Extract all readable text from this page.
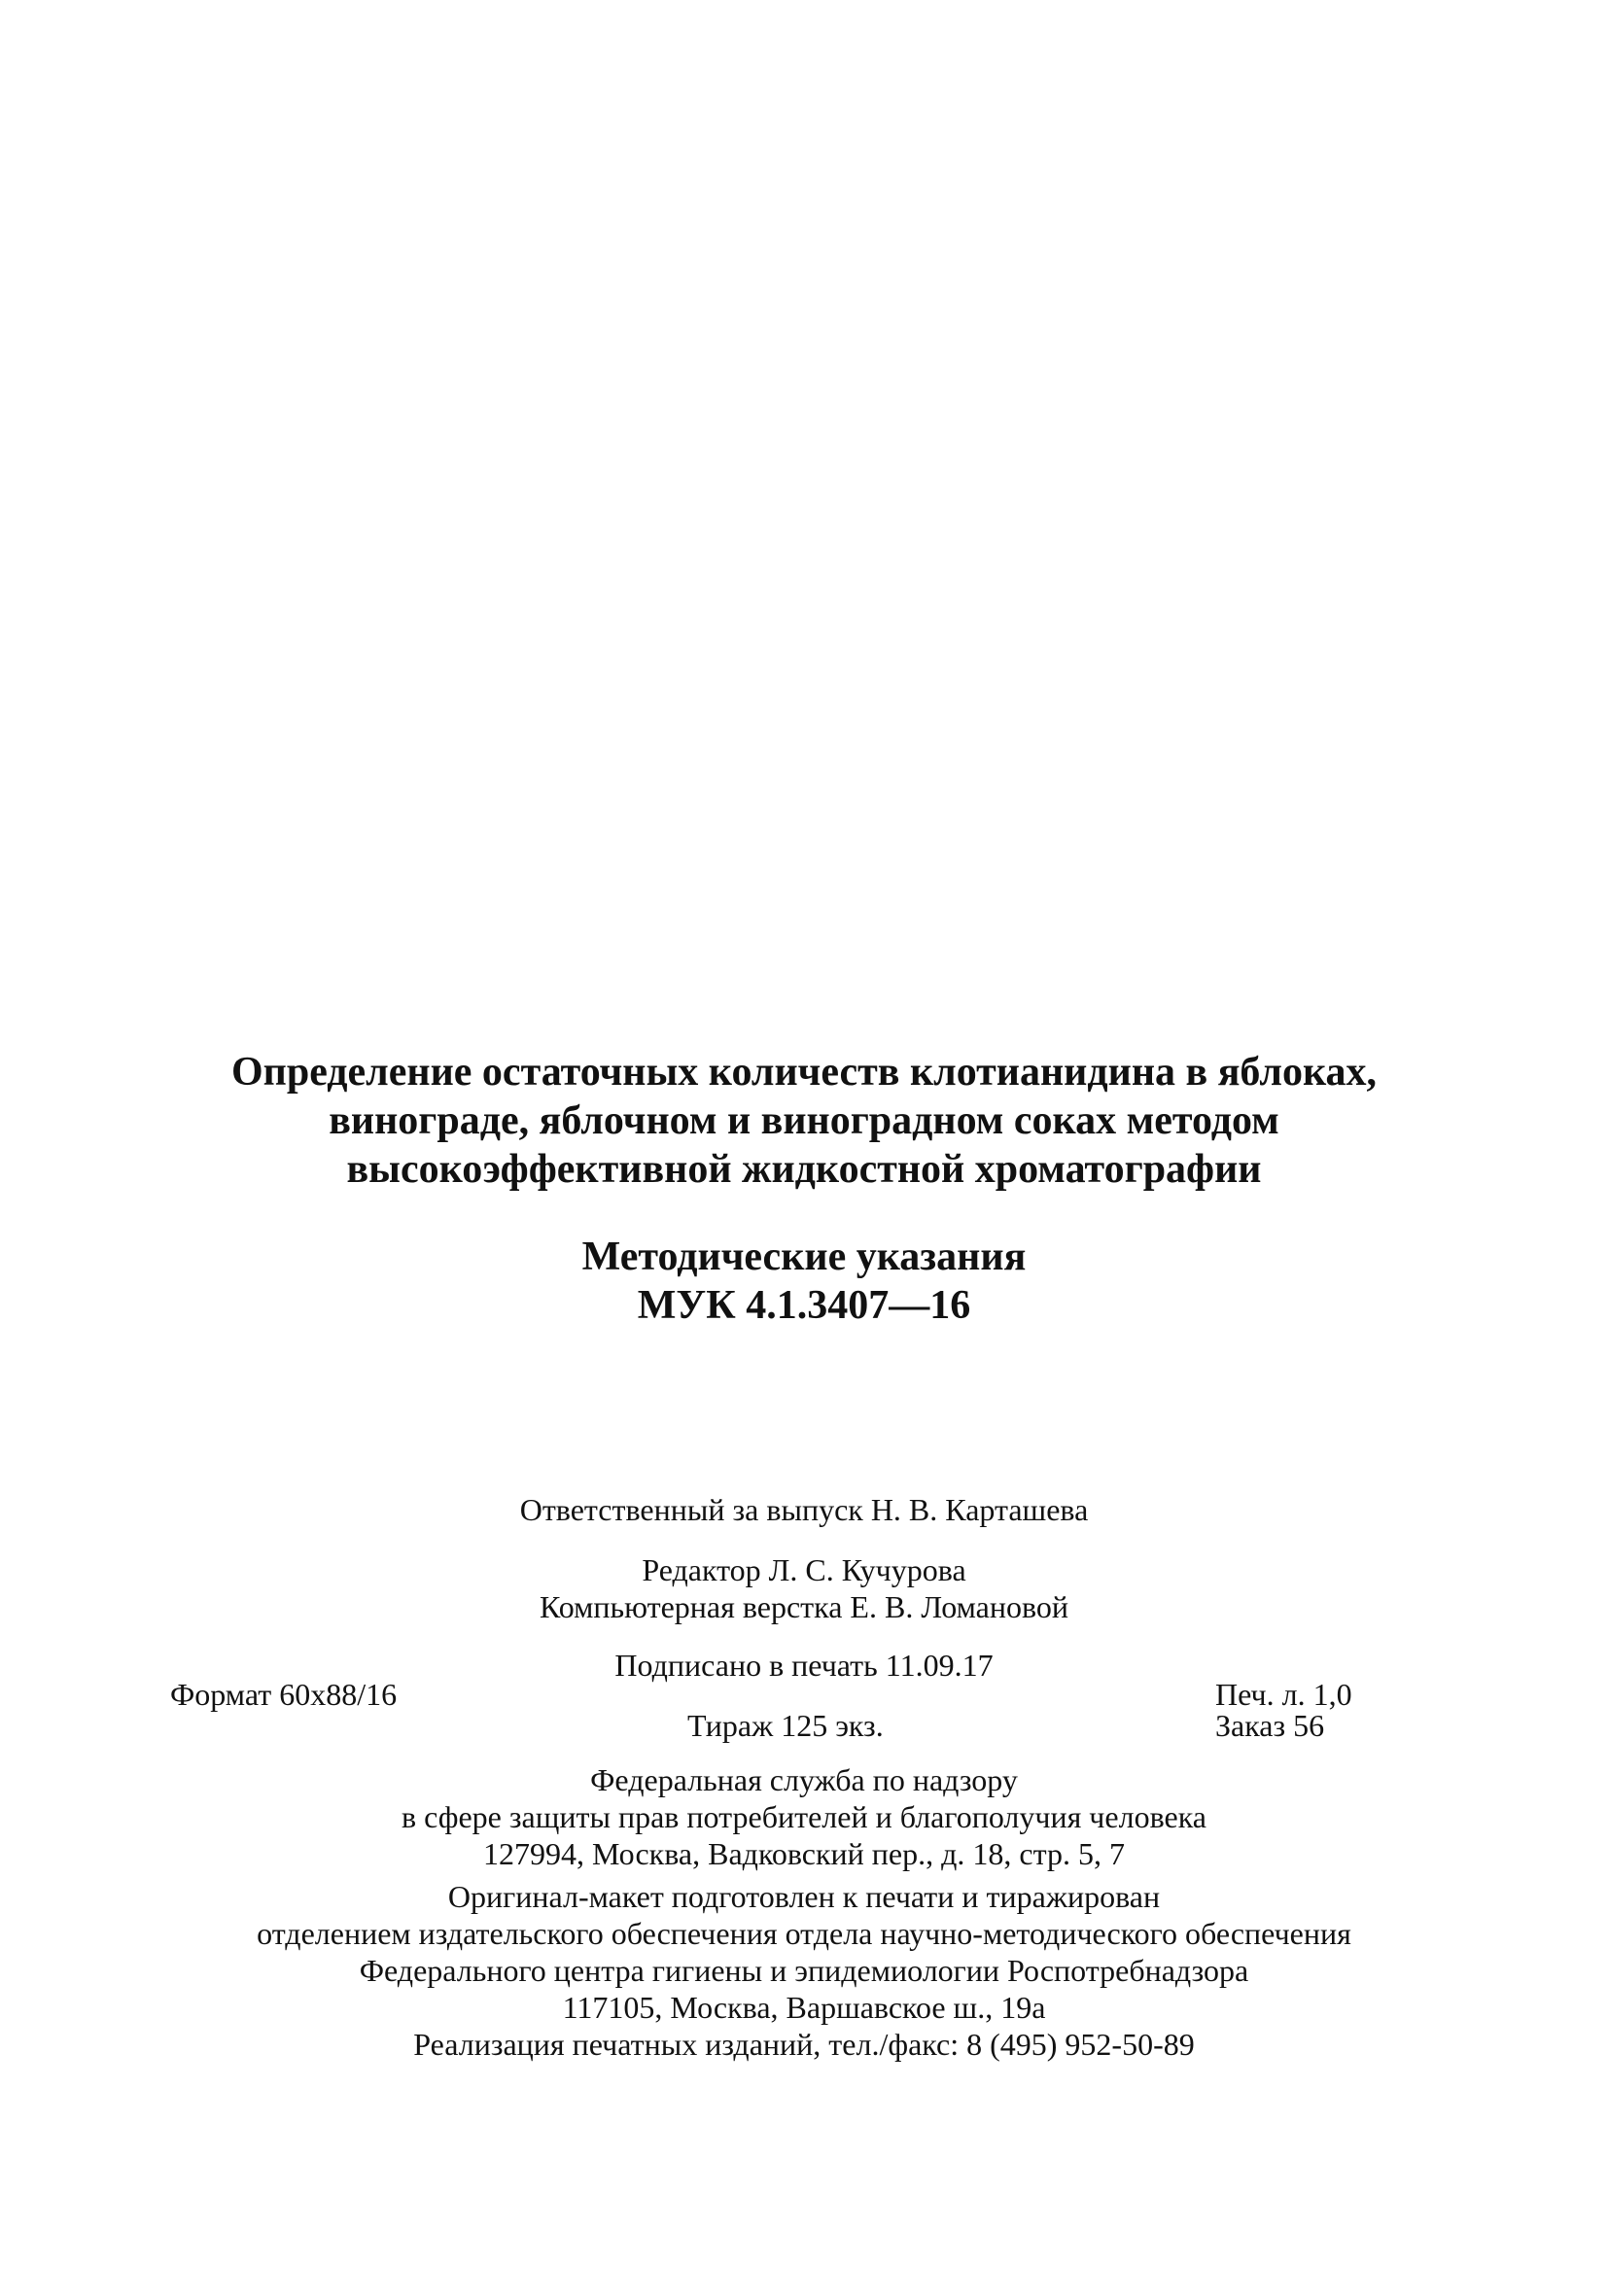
Определение остаточных количеств клотианидина в яблоках,
винограде, яблочном и виноградном соках методом
высокоэффективной жидкостной хроматографии
Методические указания
МУК 4.1.3407—16
Ответственный за выпуск Н. В. Карташева
Редактор Л. С. Кучурова
Компьютерная верстка Е. В. Ломановой
Подписано в печать 11.09.17
Формат 60x88/16	Печ. л. 1,0
Тираж 125 экз.	Заказ 56
Федеральная служба по надзору
в сфере защиты прав потребителей и благополучия человека
127994, Москва, Вадковский пер., д. 18, стр. 5, 7
Оригинал-макет подготовлен к печати и тиражирован
отделением издательского обеспечения отдела научно-методического обеспечения
Федерального центра гигиены и эпидемиологии Роспотребнадзора
117105, Москва, Варшавское ш., 19а
Реализация печатных изданий, тел./факс: 8 (495) 952-50-89
